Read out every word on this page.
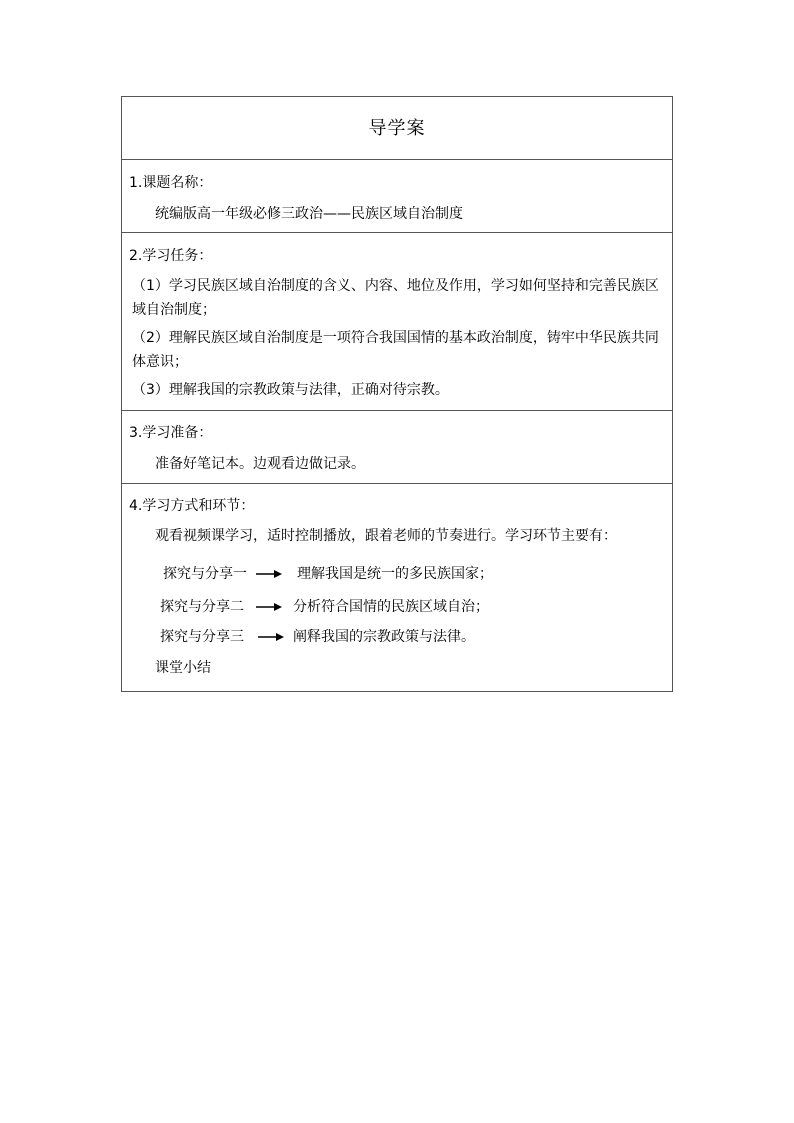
导学案
1.课题名称：
统编版高一年级必修三政治——民族区域自治制度
2.学习任务：
（1）学习民族区域自治制度的含义、内容、地位及作用，学习如何坚持和完善民族区域自治制度；
（2）理解民族区域自治制度是一项符合我国国情的基本政治制度，铸牢中华民族共同体意识；
（3）理解我国的宗教政策与法律，正确对待宗教。
3.学习准备：
准备好笔记本。边观看边做记录。
4.学习方式和环节：
观看视频课学习，适时控制播放，跟着老师的节奏进行。学习环节主要有：
探究与分享一	理解我国是统一的多民族国家；
探究与分享二	分析符合国情的民族区域自治；
探究与分享三	阐释我国的宗教政策与法律。
课堂小结
